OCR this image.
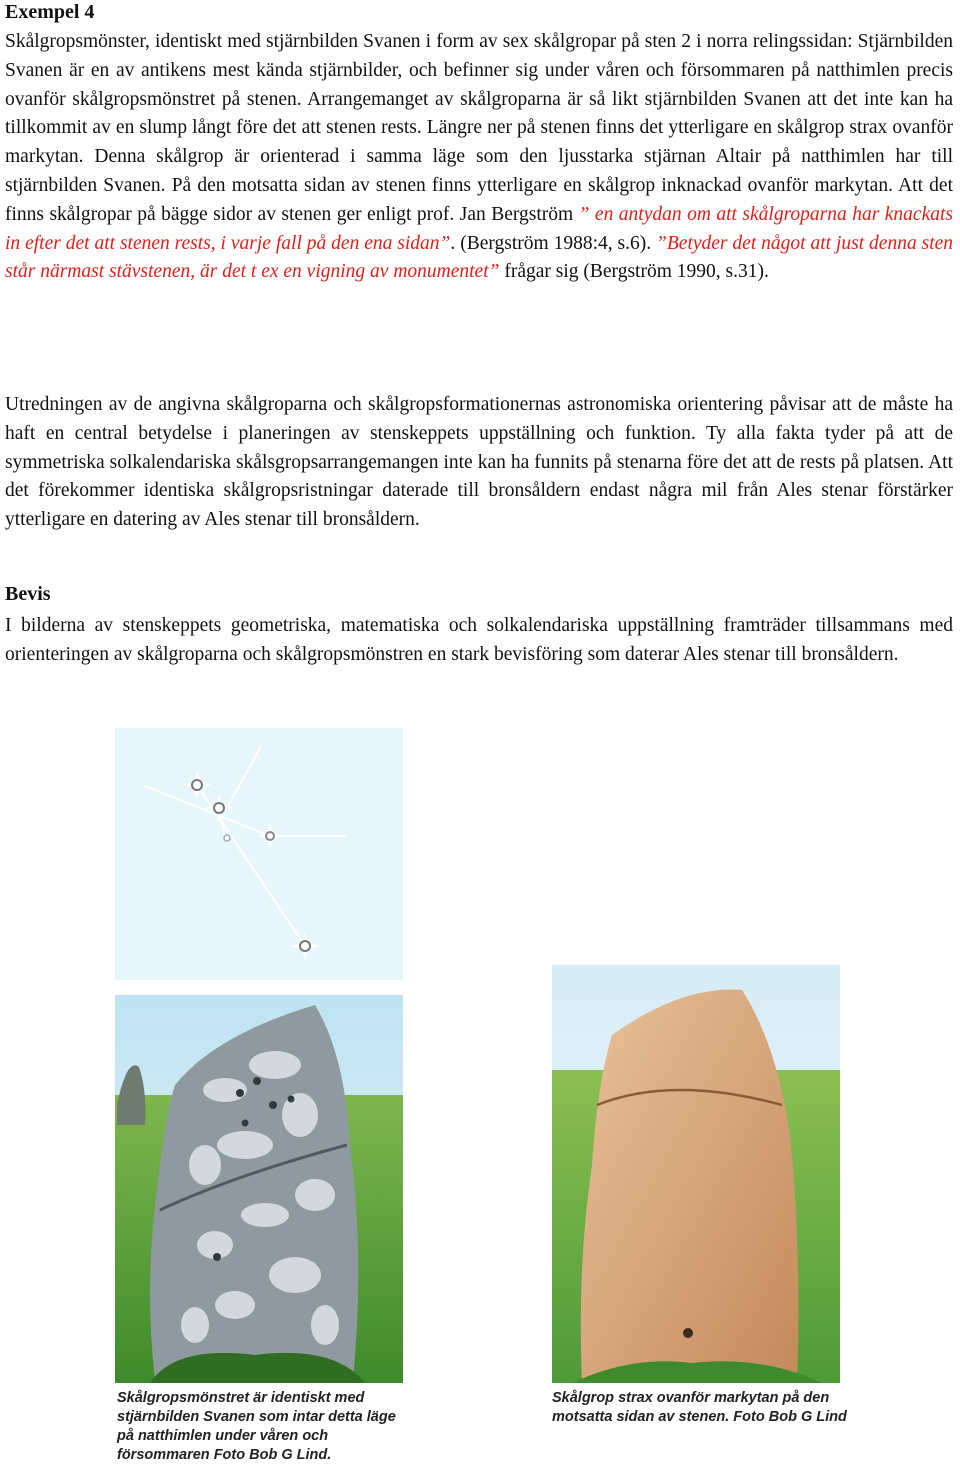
Exempel 4

Skålgropsmönster, identiskt med stjärnbilden Svanen i form av sex skålgropar på sten 2 i norra relingssidan: Stjärnbilden Svanen är en av antikens mest kända stjärnbilder, och befinner sig under våren och försommaren på natthimlen precis ovanför skålgropsmönstret på stenen. Arrangemanget av skålgroparna är så likt stjärnbilden Svanen att det inte kan ha tillkommit av en slump långt före det att stenen rests. Längre ner på stenen finns det ytterligare en skålgrop strax ovanför markytan. Denna skålgrop är orienterad i samma läge som den ljusstarka stjärnan Altair på natthimlen har till stjärnbilden Svanen. På den motsatta sidan av stenen finns ytterligare en skålgrop inknackad ovanför markytan. Att det finns skålgropar på bägge sidor av stenen ger enligt prof. Jan Bergström ” en antydan om att skålgroparna har knackats in efter det att stenen rests, i varje fall på den ena sidan”. (Bergström 1988:4, s.6). ”Betyder det något att just denna sten står närmast stävstenen, är det t ex en vigning av monumentet” frågar sig (Bergström 1990, s.31).

Utredningen av de angivna skålgroparna och skålgropsformationernas astronomiska orientering påvisar att de måste ha haft en central betydelse i planeringen av stenskeppets uppställning och funktion. Ty alla fakta tyder på att de symmetriska solkalendariska skålsgropsarrangemangen inte kan ha funnits på stenarna före det att de rests på platsen. Att det förekommer identiska skålgropsristningar daterade till bronsåldern endast några mil från Ales stenar förstärker ytterligare en datering av Ales stenar till bronsåldern.

Bevis

I bilderna av stenskeppets geometriska, matematiska och solkalendariska uppställning framträder tillsammans med orienteringen av skålgroparna och skålgropsmönstren en stark bevisföring som daterar Ales stenar till bronsåldern.

Skålgropsmönstret är identiskt med stjärnbilden Svanen som intar detta läge på natthimlen under våren och försommaren Foto Bob G Lind.

Skålgrop strax ovanför markytan på den motsatta sidan av stenen. Foto Bob G Lind
